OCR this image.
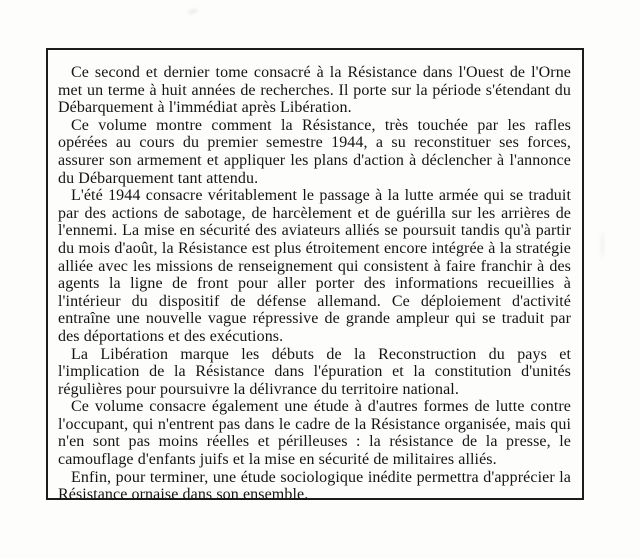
Ce second et dernier tome consacré à la Résistance dans l'Ouest de l'Orne met un terme à huit années de recherches. Il porte sur la période s'étendant du Débarquement à l'immédiat après Libération.

Ce volume montre comment la Résistance, très touchée par les rafles opérées au cours du premier semestre 1944, a su reconstituer ses forces, assurer son armement et appliquer les plans d'action à déclencher à l'annonce du Débarquement tant attendu.

L'été 1944 consacre véritablement le passage à la lutte armée qui se traduit par des actions de sabotage, de harcèlement et de guérilla sur les arrières de l'ennemi. La mise en sécurité des aviateurs alliés se poursuit tandis qu'à partir du mois d'août, la Résistance est plus étroitement encore intégrée à la stratégie alliée avec les missions de renseignement qui consistent à faire franchir à des agents la ligne de front pour aller porter des informations recueillies à l'intérieur du dispositif de défense allemand. Ce déploiement d'activité entraîne une nouvelle vague répressive de grande ampleur qui se traduit par des déportations et des exécutions.

La Libération marque les débuts de la Reconstruction du pays et l'implication de la Résistance dans l'épuration et la constitution d'unités régulières pour poursuivre la délivrance du territoire national.

Ce volume consacre également une étude à d'autres formes de lutte contre l'occupant, qui n'entrent pas dans le cadre de la Résistance organisée, mais qui n'en sont pas moins réelles et périlleuses : la résistance de la presse, le camouflage d'enfants juifs et la mise en sécurité de militaires alliés.

Enfin, pour terminer, une étude sociologique inédite permettra d'apprécier la Résistance ornaise dans son ensemble.
